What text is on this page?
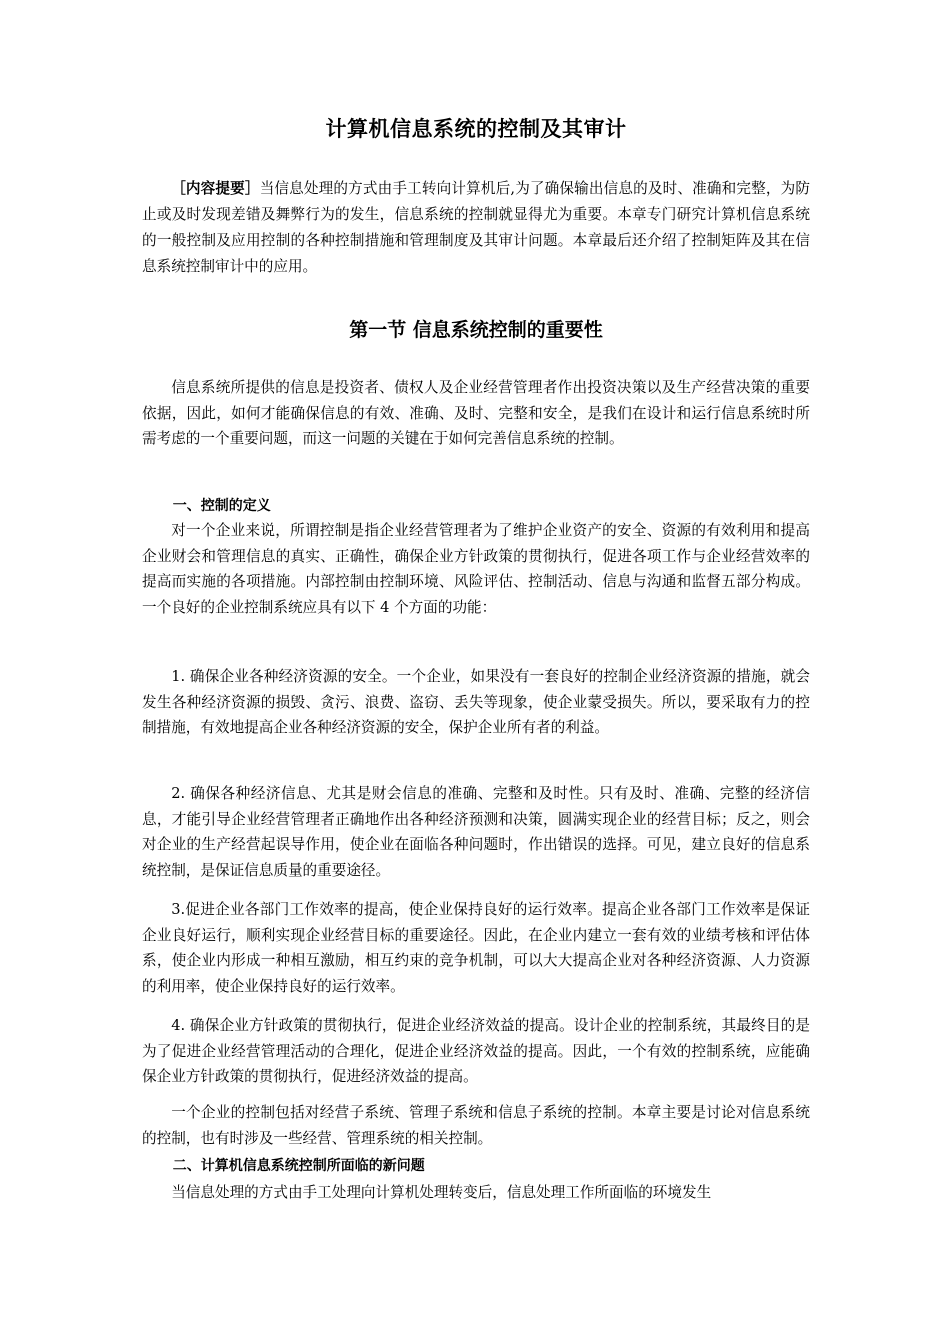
计算机信息系统的控制及其审计

［内容提要］当信息处理的方式由手工转向计算机后,为了确保输出信息的及时、准确和完整，为防止或及时发现差错及舞弊行为的发生，信息系统的控制就显得尤为重要。本章专门研究计算机信息系统的一般控制及应用控制的各种控制措施和管理制度及其审计问题。本章最后还介绍了控制矩阵及其在信息系统控制审计中的应用。

第一节 信息系统控制的重要性

信息系统所提供的信息是投资者、债权人及企业经营管理者作出投资决策以及生产经营决策的重要依据，因此，如何才能确保信息的有效、准确、及时、完整和安全，是我们在设计和运行信息系统时所需考虑的一个重要问题，而这一问题的关键在于如何完善信息系统的控制。

一、控制的定义

对一个企业来说，所谓控制是指企业经营管理者为了维护企业资产的安全、资源的有效利用和提高企业财会和管理信息的真实、正确性，确保企业方针政策的贯彻执行，促进各项工作与企业经营效率的提高而实施的各项措施。内部控制由控制环境、风险评估、控制活动、信息与沟通和监督五部分构成。一个良好的企业控制系统应具有以下 4 个方面的功能：

1. 确保企业各种经济资源的安全。一个企业，如果没有一套良好的控制企业经济资源的措施，就会发生各种经济资源的损毁、贪污、浪费、盗窃、丢失等现象，使企业蒙受损失。所以，要采取有力的控制措施，有效地提高企业各种经济资源的安全，保护企业所有者的利益。

2. 确保各种经济信息、尤其是财会信息的准确、完整和及时性。只有及时、准确、完整的经济信息，才能引导企业经营管理者正确地作出各种经济预测和决策，圆满实现企业的经营目标；反之，则会对企业的生产经营起误导作用，使企业在面临各种问题时，作出错误的选择。可见，建立良好的信息系统控制，是保证信息质量的重要途径。

3.促进企业各部门工作效率的提高，使企业保持良好的运行效率。提高企业各部门工作效率是保证企业良好运行，顺利实现企业经营目标的重要途径。因此，在企业内建立一套有效的业绩考核和评估体系，使企业内形成一种相互激励，相互约束的竞争机制，可以大大提高企业对各种经济资源、人力资源的利用率，使企业保持良好的运行效率。

4. 确保企业方针政策的贯彻执行，促进企业经济效益的提高。设计企业的控制系统，其最终目的是为了促进企业经营管理活动的合理化，促进企业经济效益的提高。因此，一个有效的控制系统，应能确保企业方针政策的贯彻执行，促进经济效益的提高。

一个企业的控制包括对经营子系统、管理子系统和信息子系统的控制。本章主要是讨论对信息系统的控制，也有时涉及一些经营、管理系统的相关控制。

二、计算机信息系统控制所面临的新问题

当信息处理的方式由手工处理向计算机处理转变后，信息处理工作所面临的环境发生
